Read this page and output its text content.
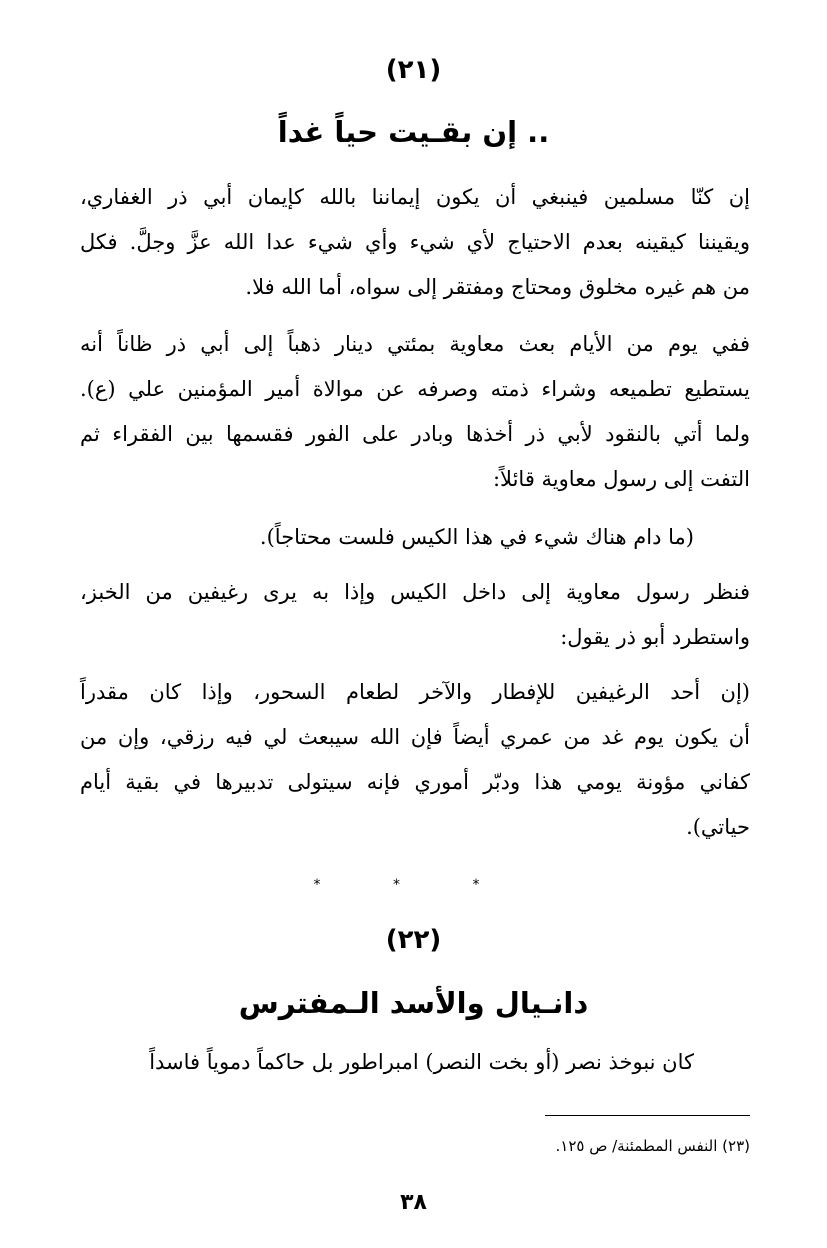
(٢١)
.. إن بقـيت حياً غداً
إن كنّا مسلمين فينبغي أن يكون إيماننا بالله كإيمان أبي ذر الغفاري،
ويقيننا كيقينه بعدم الاحتياج لأي شيء وأي شيء عدا الله عزَّ وجلَّ. فكل
من هم غيره مخلوق ومحتاج ومفتقر إلى سواه، أما الله فلا.
ففي يوم من الأيام بعث معاوية بمئتي دينار ذهباً إلى أبي ذر ظاناً أنه
يستطيع تطميعه وشراء ذمته وصرفه عن موالاة أمير المؤمنين علي (ع).
ولما أتي بالنقود لأبي ذر أخذها وبادر على الفور فقسمها بين الفقراء ثم
التفت إلى رسول معاوية قائلاً:
(ما دام هناك شيء في هذا الكيس فلست محتاجاً).
فنظر رسول معاوية إلى داخل الكيس وإذا به يرى رغيفين من الخبز،
واستطرد أبو ذر يقول:
(إن أحد الرغيفين للإفطار والآخر لطعام السحور، وإذا كان مقدراً
أن يكون يوم غد من عمري أيضاً فإن الله سيبعث لي فيه رزقي، وإن من
كفاني مؤونة يومي هذا ودبّر أموري فإنه سيتولى تدبيرها في بقية أيام
حياتي).
* * *
(٢٢)
دانـيال والأسد الـمفترس
كان نبوخذ نصر (أو بخت النصر) امبراطور بل حاكماً دموياً فاسداً
(٢٣) النفس المطمئنة/ ص ١٢٥.
٣٨
